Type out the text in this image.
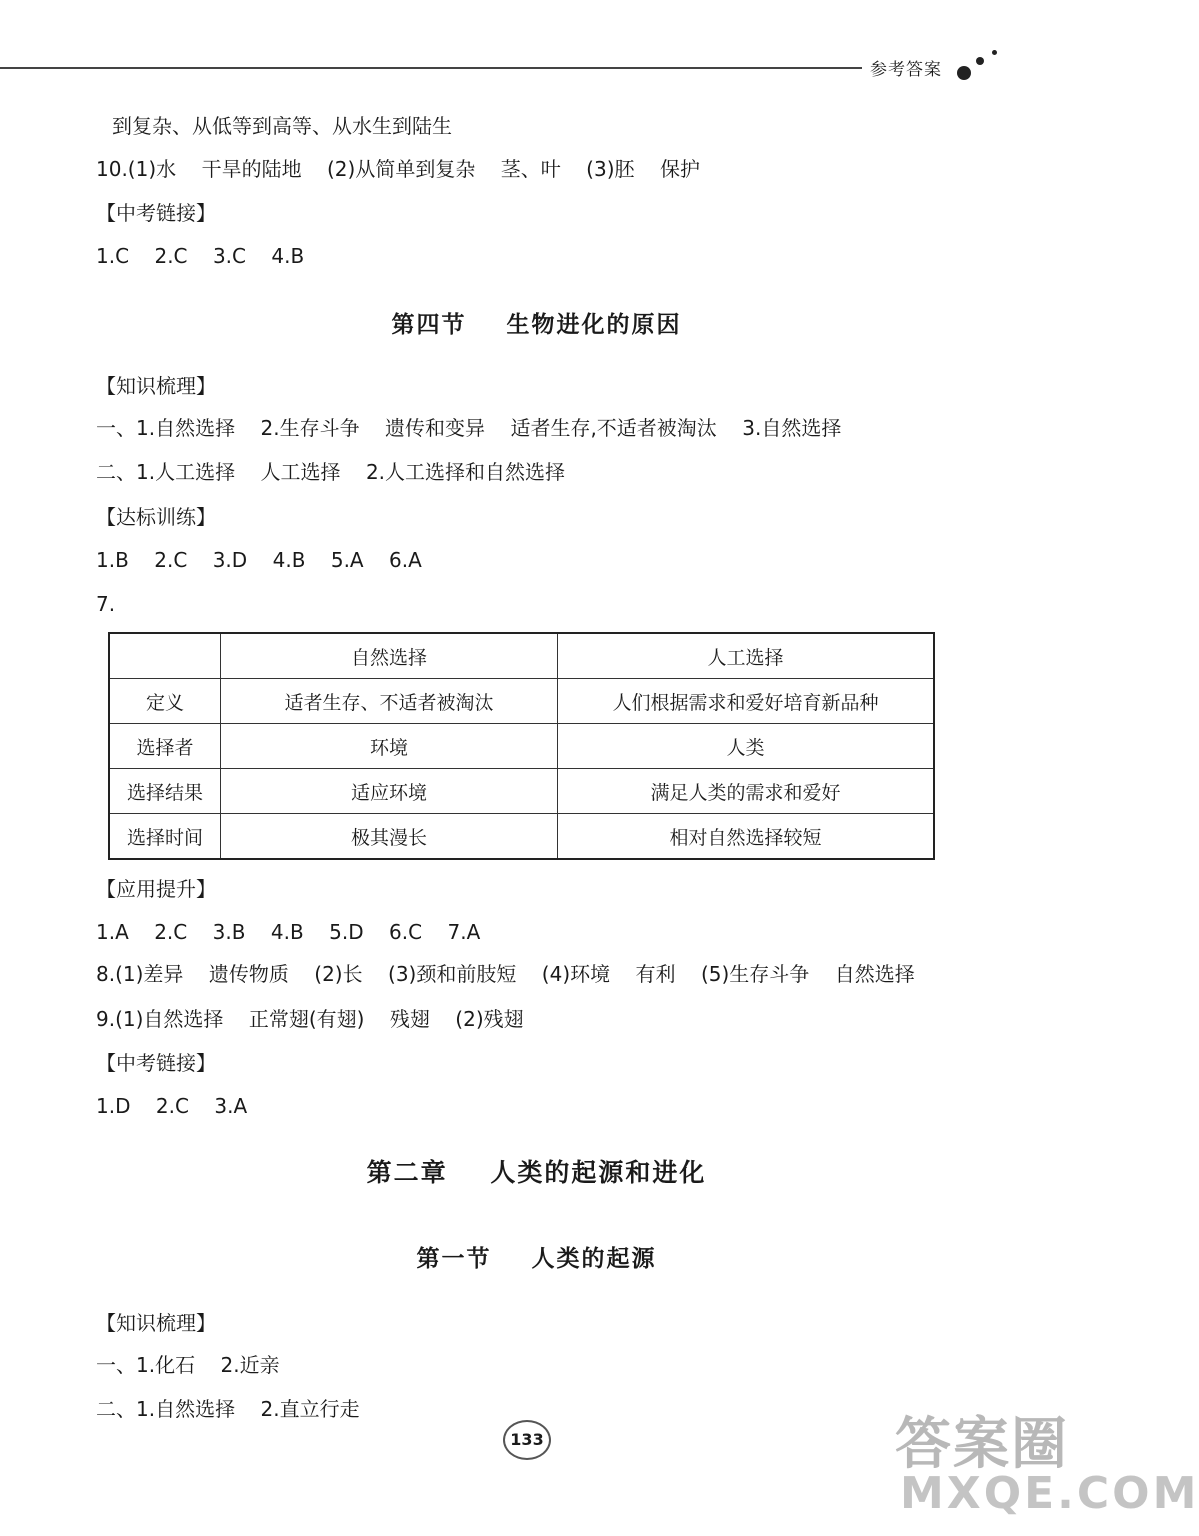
参考答案
到复杂、从低等到高等、从水生到陆生
10.(1)水    干旱的陆地    (2)从简单到复杂    茎、叶    (3)胚    保护
【中考链接】
1.C    2.C    3.C    4.B
第四节    生物进化的原因
【知识梳理】
一、1.自然选择    2.生存斗争    遗传和变异    适者生存,不适者被淘汰    3.自然选择
二、1.人工选择    人工选择    2.人工选择和自然选择
【达标训练】
1.B    2.C    3.D    4.B    5.A    6.A
7.
	自然选择	人工选择
定义	适者生存、不适者被淘汰	人们根据需求和爱好培育新品种
选择者	环境	人类
选择结果	适应环境	满足人类的需求和爱好
选择时间	极其漫长	相对自然选择较短
【应用提升】
1.A    2.C    3.B    4.B    5.D    6.C    7.A
8.(1)差异    遗传物质    (2)长    (3)颈和前肢短    (4)环境    有利    (5)生存斗争    自然选择
9.(1)自然选择    正常翅(有翅)    残翅    (2)残翅
【中考链接】
1.D    2.C    3.A
第二章    人类的起源和进化
第一节    人类的起源
【知识梳理】
一、1.化石    2.近亲
二、1.自然选择    2.直立行走
133	答案圈
MXQE.COM
